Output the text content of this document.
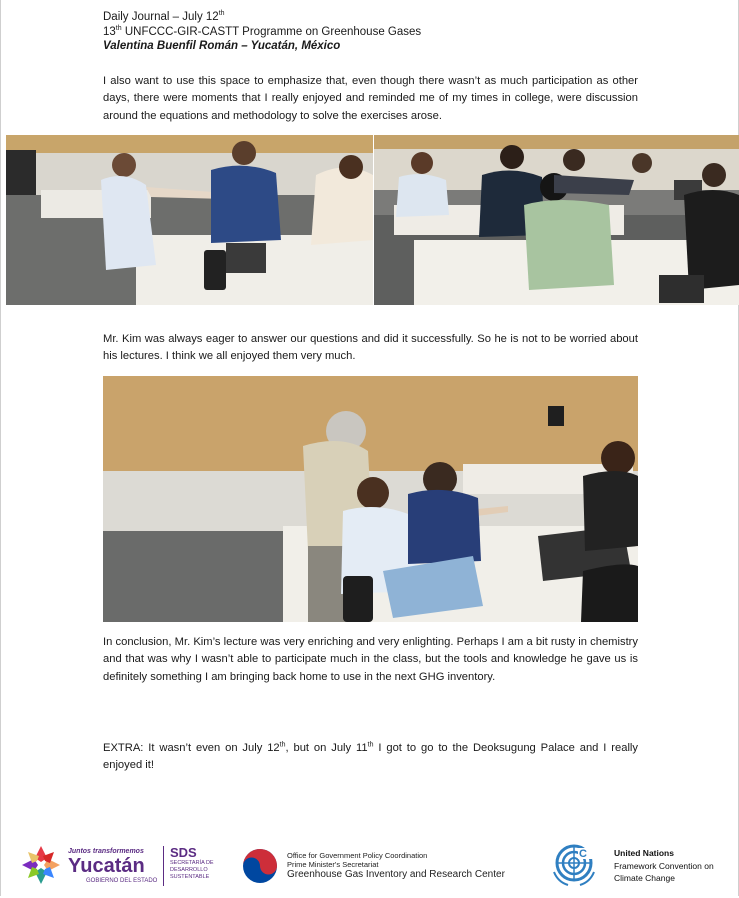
Daily Journal – July 12th
13th UNFCCC-GIR-CASTT Programme on Greenhouse Gases
Valentina Buenfil Román – Yucatán, México
I also want to use this space to emphasize that, even though there wasn’t as much participation as other days, there were moments that I really enjoyed and reminded me of my times in college, were discussion around the equations and methodology to solve the exercises arose.
Mr. Kim was always eager to answer our questions and did it successfully. So he is not to be worried about his lectures. I think we all enjoyed them very much.
In conclusion, Mr. Kim’s lecture was very enriching and very enlighting. Perhaps I am a bit rusty in chemistry and that was why I wasn’t able to participate much in the class, but the tools and knowledge he gave us is definitely something I am bringing back home to use in the next GHG inventory.
EXTRA: It wasn’t even on July 12th, but on July 11th I got to go to the Deoksugung Palace and I really enjoyed it!
Juntos transformemos
Yucatán
GOBIERNO DEL ESTADO
SDS
SECRETARÍA DE
DESARROLLO
SUSTENTABLE
Office for Government Policy Coordination
Prime Minister's Secretariat
Greenhouse Gas Inventory and Research Center
C	United Nations
Framework Convention on
Climate Change
